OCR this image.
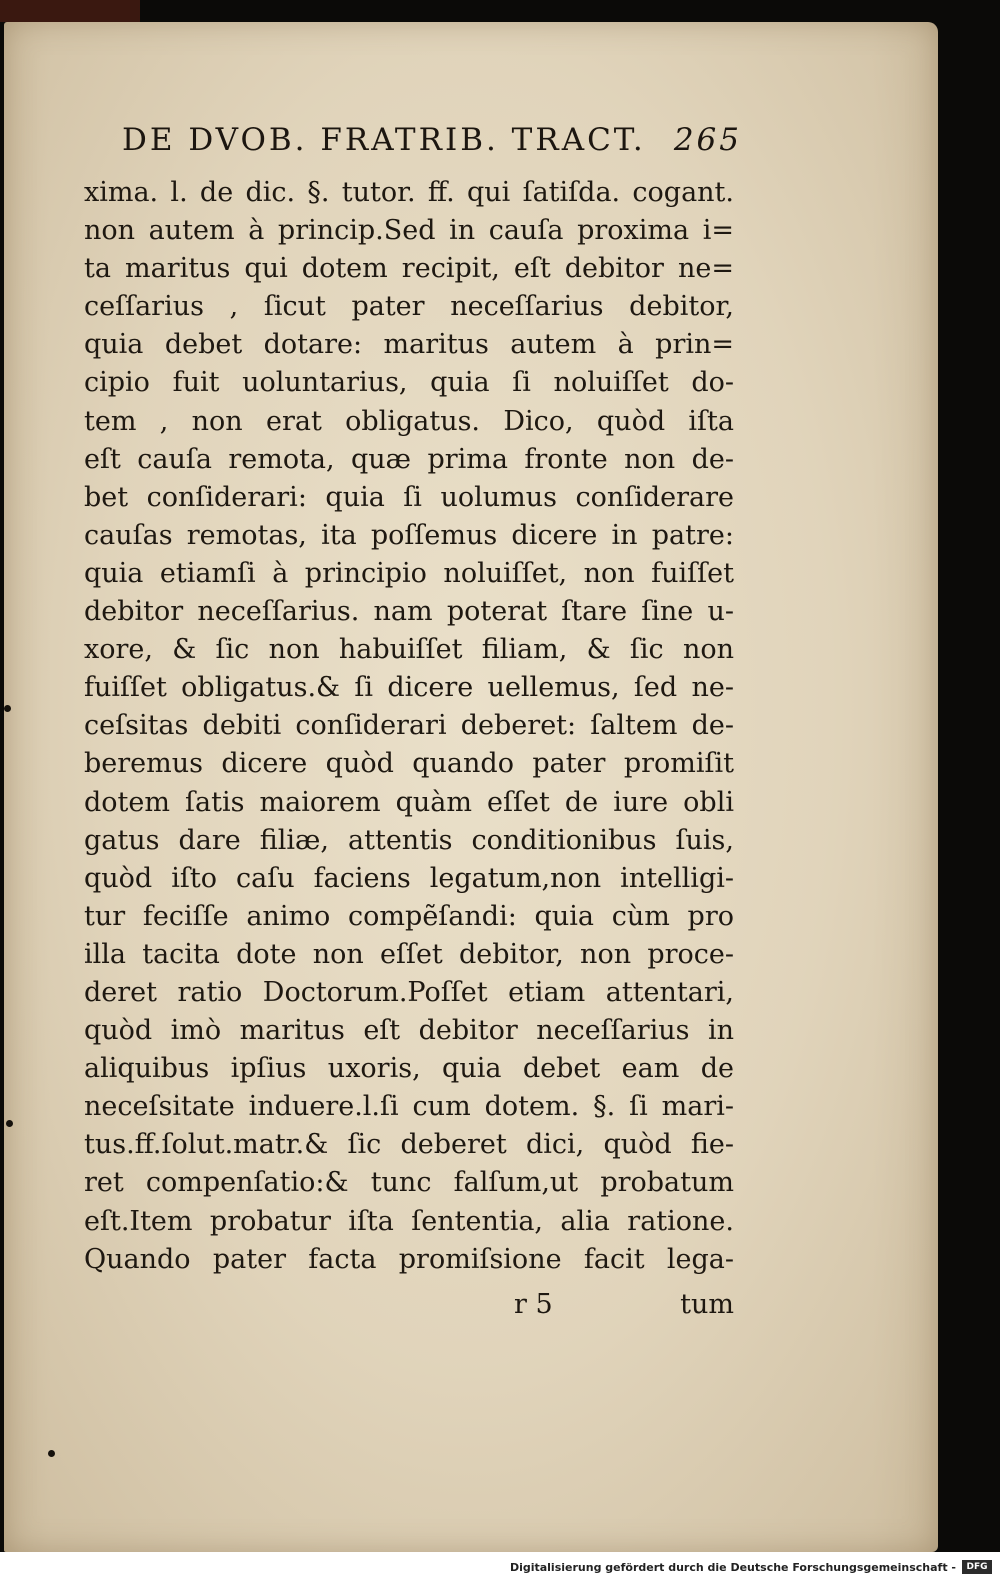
DE DVOB. FRATRIB. TRACT. 265
xima. l. de dic. §. tutor. ff. qui ſatiſda. cogant.
non autem à princip.Sed in cauſa proxima i=
ta maritus qui dotem recipit, eſt debitor ne=
ceſſarius , ſicut pater neceſſarius debitor,
quia debet dotare: maritus autem à prin=
cipio fuit uoluntarius, quia ſi noluiſſet do-
tem , non erat obligatus. Dico, quòd iſta
eſt cauſa remota, quæ prima fronte non de-
bet conſiderari: quia ſi uolumus conſiderare
cauſas remotas, ita poſſemus dicere in patre:
quia etiamſi à principio noluiſſet, non fuiſſet
debitor neceſſarius. nam poterat ſtare ſine u-
xore, & ſic non habuiſſet filiam, & ſic non
fuiſſet obligatus.& ſi dicere uellemus, ſed ne-
ceſsitas debiti conſiderari deberet: ſaltem de-
beremus dicere quòd quando pater promiſit
dotem ſatis maiorem quàm eſſet de iure obli
gatus dare filiæ, attentis conditionibus ſuis,
quòd iſto caſu faciens legatum,non intelligi-
tur feciſſe animo compẽſandi: quia cùm pro
illa tacita dote non eſſet debitor, non proce-
deret ratio Doctorum.Poſſet etiam attentari,
quòd imò maritus eſt debitor neceſſarius in
aliquibus ipſius uxoris, quia debet eam de
neceſsitate induere.l.ſi cum dotem. §. ſi mari-
tus.ff.ſolut.matr.& ſic deberet dici, quòd fie-
ret compenſatio:& tunc falſum,ut probatum
eſt.Item probatur iſta ſententia, alia ratione.
Quando pater facta promiſsione facit lega-
r 5	tum
Digitalisierung gefördert durch die Deutsche Forschungsgemeinschaft -	DFG
